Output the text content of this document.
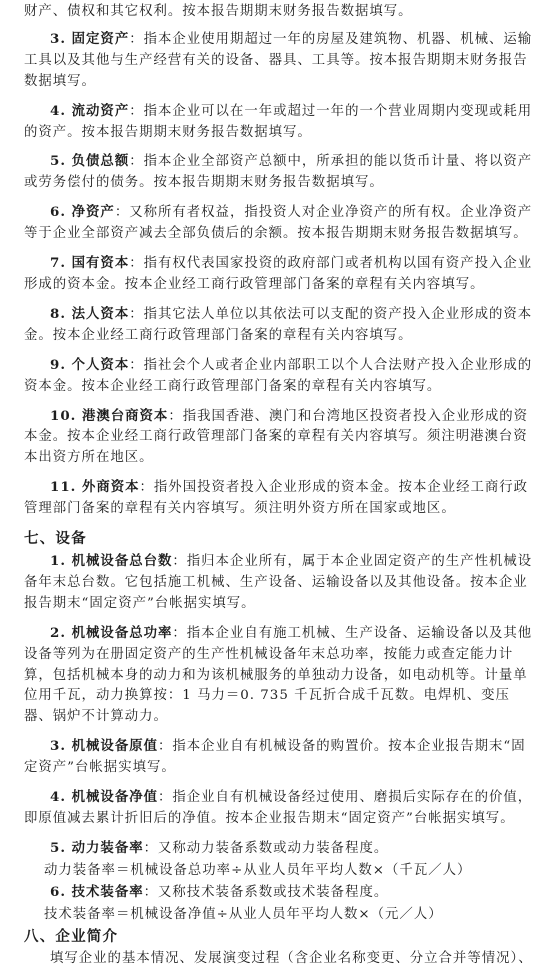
财产、债权和其它权利。按本报告期期末财务报告数据填写。

3. 固定资产：指本企业使用期超过一年的房屋及建筑物、机器、机械、运输工具以及其他与生产经营有关的设备、器具、工具等。按本报告期期末财务报告数据填写。

4. 流动资产：指本企业可以在一年或超过一年的一个营业周期内变现或耗用的资产。按本报告期期末财务报告数据填写。

5. 负债总额：指本企业全部资产总额中，所承担的能以货币计量、将以资产或劳务偿付的债务。按本报告期期末财务报告数据填写。

6. 净资产：又称所有者权益，指投资人对企业净资产的所有权。企业净资产等于企业全部资产减去全部负债后的余额。按本报告期期末财务报告数据填写。

7. 国有资本：指有权代表国家投资的政府部门或者机构以国有资产投入企业形成的资本金。按本企业经工商行政管理部门备案的章程有关内容填写。

8. 法人资本：指其它法人单位以其依法可以支配的资产投入企业形成的资本金。按本企业经工商行政管理部门备案的章程有关内容填写。

9. 个人资本：指社会个人或者企业内部职工以个人合法财产投入企业形成的资本金。按本企业经工商行政管理部门备案的章程有关内容填写。

10. 港澳台商资本：指我国香港、澳门和台湾地区投资者投入企业形成的资本金。按本企业经工商行政管理部门备案的章程有关内容填写。须注明港澳台资本出资方所在地区。

11. 外商资本：指外国投资者投入企业形成的资本金。按本企业经工商行政管理部门备案的章程有关内容填写。须注明外资方所在国家或地区。

七、设备

1. 机械设备总台数：指归本企业所有，属于本企业固定资产的生产性机械设备年末总台数。它包括施工机械、生产设备、运输设备以及其他设备。按本企业报告期末“固定资产”台帐据实填写。

2. 机械设备总功率：指本企业自有施工机械、生产设备、运输设备以及其他设备等列为在册固定资产的生产性机械设备年末总功率，按能力或查定能力计算，包括机械本身的动力和为该机械服务的单独动力设备，如电动机等。计量单位用千瓦，动力换算按：1 马力＝0. 735 千瓦折合成千瓦数。电焊机、变压器、锅炉不计算动力。

3. 机械设备原值：指本企业自有机械设备的购置价。按本企业报告期末“固定资产”台帐据实填写。

4. 机械设备净值：指企业自有机械设备经过使用、磨损后实际存在的价值，即原值减去累计折旧后的净值。按本企业报告期末“固定资产”台帐据实填写。

5. 动力装备率：又称动力装备系数或动力装备程度。

动力装备率＝机械设备总功率÷从业人员年平均人数×（千瓦／人）

6. 技术装备率：又称技术装备系数或技术装备程度。

技术装备率＝机械设备净值÷从业人员年平均人数×（元／人）

八、企业简介

填写企业的基本情况、发展演变过程（含企业名称变更、分立合并等情况）、
